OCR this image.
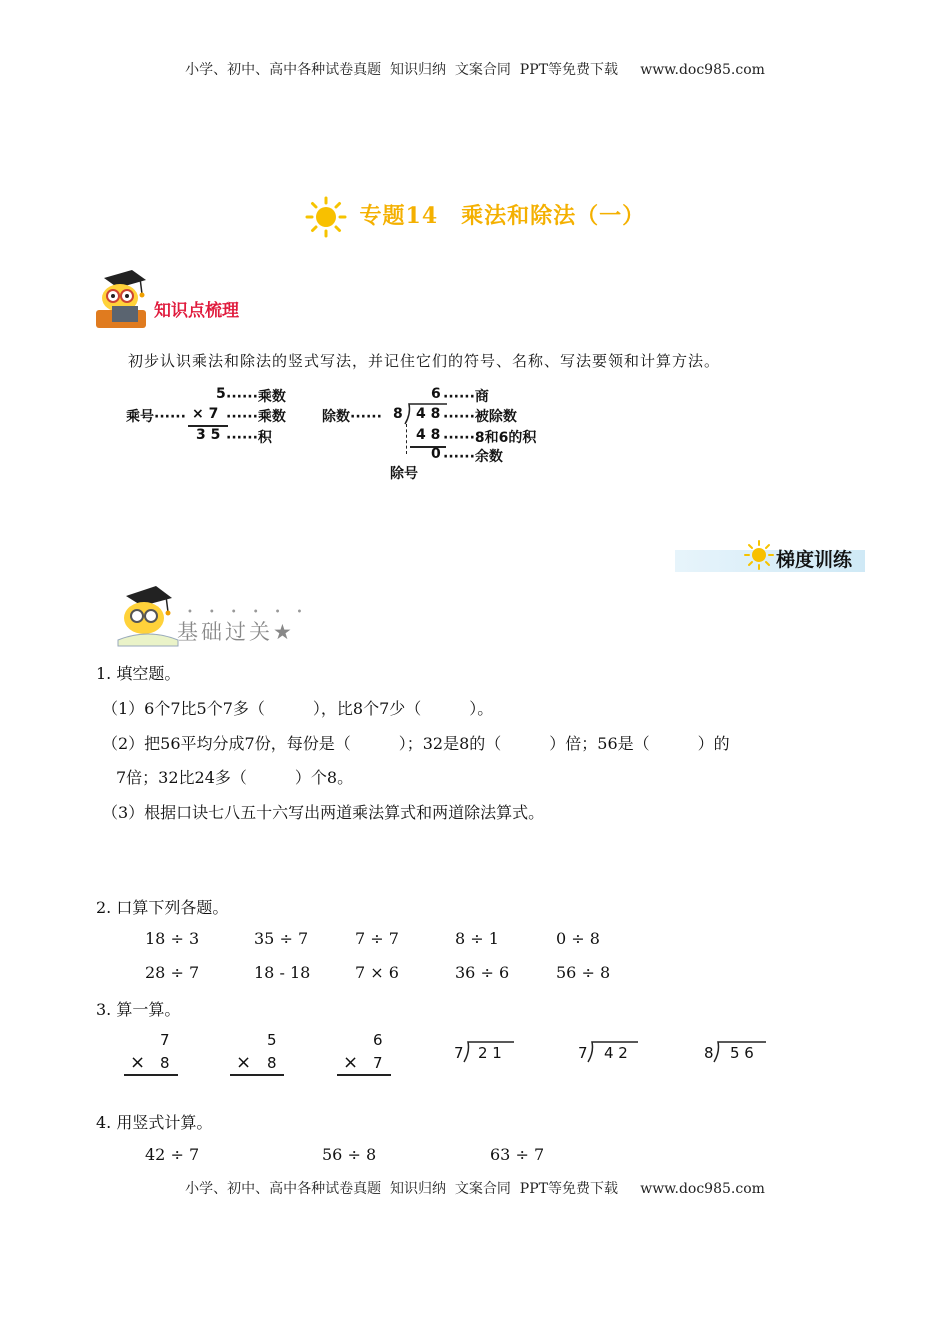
小学、初中、高中各种试卷真题  知识归纳  文案合同  PPT等免费下载     www.doc985.com
小学、初中、高中各种试卷真题  知识归纳  文案合同  PPT等免费下载     www.doc985.com
专题14　乘法和除法（一）
知识点梳理
初步认识乘法和除法的竖式写法，并记住它们的符号、名称、写法要领和计算方法。
5 ······乘数
乘号······ × 7 ······乘数
3 5 ······积
6 ······商
除数······ 8 4 8 ······被除数
4 8 ······8和6的积
0 ······余数
除号
梯度训练
••••••
基础过关★
1. 填空题。
（1）6个7比5个7多（　　　），比8个7少（　　　）。
（2）把56平均分成7份，每份是（　　　）；32是8的（　　　）倍；56是（　　　）的
7倍；32比24多（　　　）个8。
（3）根据口诀七八五十六写出两道乘法算式和两道除法算式。
2. 口算下列各题。
18 ÷ 3	35 ÷ 7	7 ÷ 7	8 ÷ 1	0 ÷ 8
28 ÷ 7	18 - 18	7 × 6	36 ÷ 6	56 ÷ 8
3. 算一算。
7
× 8
5
× 8
6
× 7
7 2 1	7 4 2	8 5 6
4. 用竖式计算。
42 ÷ 7	56 ÷ 8	63 ÷ 7
